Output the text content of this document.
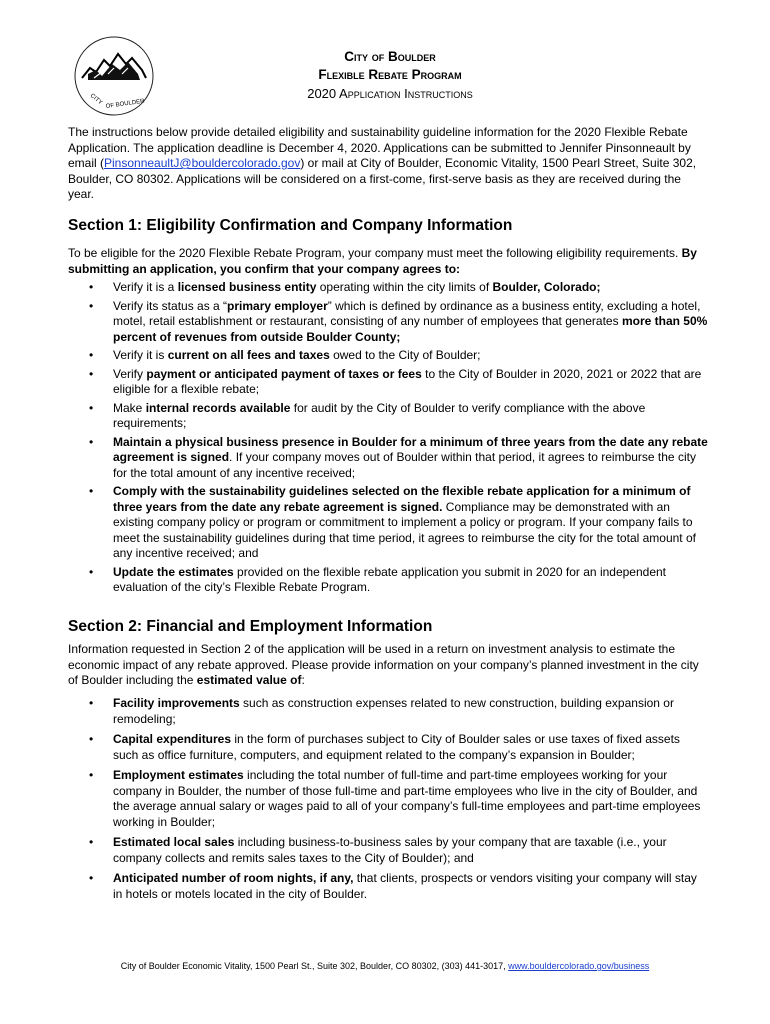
CITY OF BOULDER
City of Boulder
Flexible Rebate Program
2020 Application Instructions

The instructions below provide detailed eligibility and sustainability guideline information for the 2020 Flexible Rebate Application. The application deadline is December 4, 2020. Applications can be submitted to Jennifer Pinsonneault by email (PinsonneaultJ@bouldercolorado.gov) or mail at City of Boulder, Economic Vitality, 1500 Pearl Street, Suite 302, Boulder, CO 80302. Applications will be considered on a first-come, first-serve basis as they are received during the year.

Section 1: Eligibility Confirmation and Company Information

To be eligible for the 2020 Flexible Rebate Program, your company must meet the following eligibility requirements. By submitting an application, you confirm that your company agrees to:

• Verify it is a licensed business entity operating within the city limits of Boulder, Colorado;
• Verify its status as a “primary employer” which is defined by ordinance as a business entity, excluding a hotel, motel, retail establishment or restaurant, consisting of any number of employees that generates more than 50% percent of revenues from outside Boulder County;
• Verify it is current on all fees and taxes owed to the City of Boulder;
• Verify payment or anticipated payment of taxes or fees to the City of Boulder in 2020, 2021 or 2022 that are eligible for a flexible rebate;
• Make internal records available for audit by the City of Boulder to verify compliance with the above requirements;
• Maintain a physical business presence in Boulder for a minimum of three years from the date any rebate agreement is signed. If your company moves out of Boulder within that period, it agrees to reimburse the city for the total amount of any incentive received;
• Comply with the sustainability guidelines selected on the flexible rebate application for a minimum of three years from the date any rebate agreement is signed. Compliance may be demonstrated with an existing company policy or program or commitment to implement a policy or program. If your company fails to meet the sustainability guidelines during that time period, it agrees to reimburse the city for the total amount of any incentive received; and
• Update the estimates provided on the flexible rebate application you submit in 2020 for an independent evaluation of the city’s Flexible Rebate Program.
Section 2: Financial and Employment Information

Information requested in Section 2 of the application will be used in a return on investment analysis to estimate the economic impact of any rebate approved. Please provide information on your company’s planned investment in the city of Boulder including the estimated value of:

• Facility improvements such as construction expenses related to new construction, building expansion or remodeling;
• Capital expenditures in the form of purchases subject to City of Boulder sales or use taxes of fixed assets such as office furniture, computers, and equipment related to the company’s expansion in Boulder;
• Employment estimates including the total number of full-time and part-time employees working for your company in Boulder, the number of those full-time and part-time employees who live in the city of Boulder, and the average annual salary or wages paid to all of your company’s full-time employees and part-time employees working in Boulder;
• Estimated local sales including business-to-business sales by your company that are taxable (i.e., your company collects and remits sales taxes to the City of Boulder); and
• Anticipated number of room nights, if any, that clients, prospects or vendors visiting your company will stay in hotels or motels located in the city of Boulder.
City of Boulder Economic Vitality, 1500 Pearl St., Suite 302, Boulder, CO 80302, (303) 441-3017, www.bouldercolorado.gov/business
